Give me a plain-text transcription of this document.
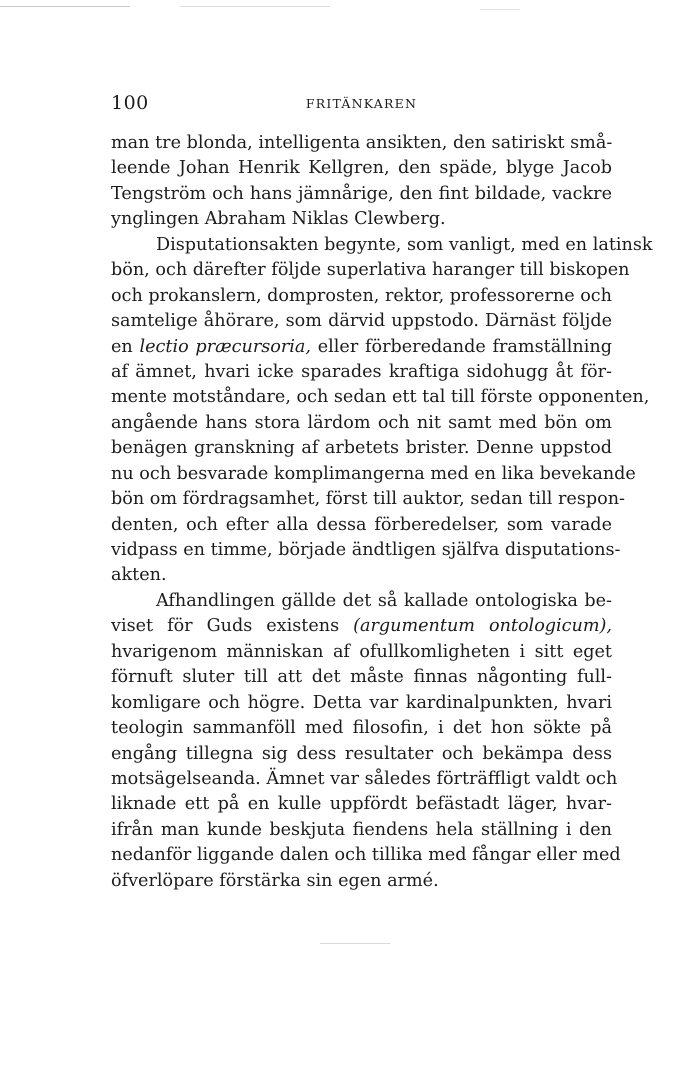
100	FRITÄNKAREN
man tre blonda, intelligenta ansikten, den satiriskt små-
leende Johan Henrik Kellgren, den späde, blyge Jacob
Tengström och hans jämnårige, den fint bildade, vackre
ynglingen Abraham Niklas Clewberg.
Disputationsakten begynte, som vanligt, med en latinsk
bön, och därefter följde superlativa haranger till biskopen
och prokanslern, domprosten, rektor, professorerne och
samtelige åhörare, som därvid uppstodo. Därnäst följde
en lectio præcursoria, eller förberedande framställning
af ämnet, hvari icke sparades kraftiga sidohugg åt för-
mente motståndare, och sedan ett tal till förste opponenten,
angående hans stora lärdom och nit samt med bön om
benägen granskning af arbetets brister. Denne uppstod
nu och besvarade komplimangerna med en lika bevekande
bön om fördragsamhet, först till auktor, sedan till respon-
denten, och efter alla dessa förberedelser, som varade
vidpass en timme, började ändtligen själfva disputations-
akten.
Afhandlingen gällde det så kallade ontologiska be-
viset för Guds existens (argumentum ontologicum),
hvarigenom människan af ofullkomligheten i sitt eget
förnuft sluter till att det måste finnas någonting full-
komligare och högre. Detta var kardinalpunkten, hvari
teologin sammanföll med filosofin, i det hon sökte på
engång tillegna sig dess resultater och bekämpa dess
motsägelseanda. Ämnet var således förträffligt valdt och
liknade ett på en kulle uppfördt befästadt läger, hvar-
ifrån man kunde beskjuta fiendens hela ställning i den
nedanför liggande dalen och tillika med fångar eller med
öfverlöpare förstärka sin egen armé.
